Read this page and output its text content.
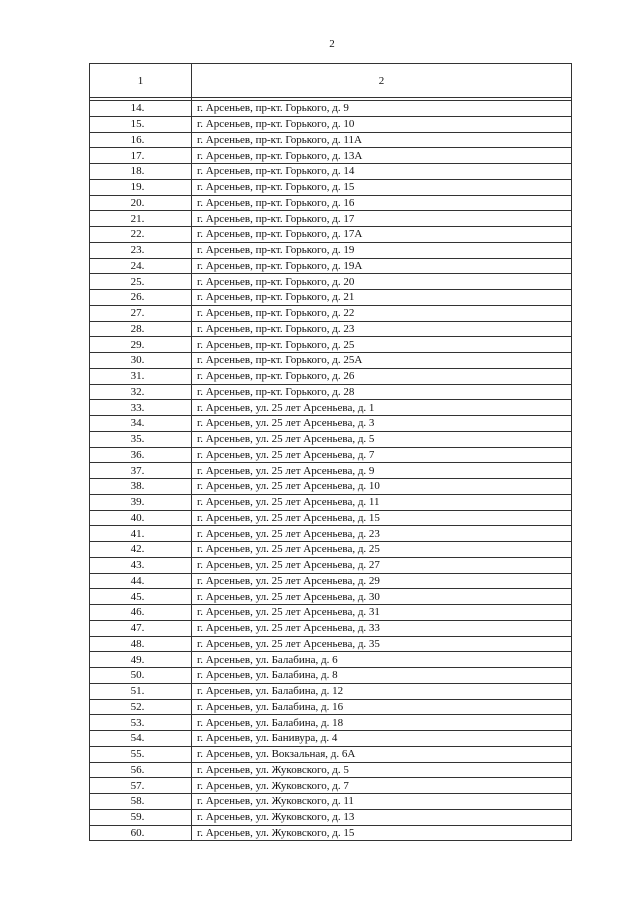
2
1	2

14.	г. Арсеньев, пр-кт. Горького, д. 9
15.	г. Арсеньев, пр-кт. Горького, д. 10
16.	г. Арсеньев, пр-кт. Горького, д. 11А
17.	г. Арсеньев, пр-кт. Горького, д. 13А
18.	г. Арсеньев, пр-кт. Горького, д. 14
19.	г. Арсеньев, пр-кт. Горького, д. 15
20.	г. Арсеньев, пр-кт. Горького, д. 16
21.	г. Арсеньев, пр-кт. Горького, д. 17
22.	г. Арсеньев, пр-кт. Горького, д. 17А
23.	г. Арсеньев, пр-кт. Горького, д. 19
24.	г. Арсеньев, пр-кт. Горького, д. 19А
25.	г. Арсеньев, пр-кт. Горького, д. 20
26.	г. Арсеньев, пр-кт. Горького, д. 21
27.	г. Арсеньев, пр-кт. Горького, д. 22
28.	г. Арсеньев, пр-кт. Горького, д. 23
29.	г. Арсеньев, пр-кт. Горького, д. 25
30.	г. Арсеньев, пр-кт. Горького, д. 25А
31.	г. Арсеньев, пр-кт. Горького, д. 26
32.	г. Арсеньев, пр-кт. Горького, д. 28
33.	г. Арсеньев, ул. 25 лет Арсеньева, д. 1
34.	г. Арсеньев, ул. 25 лет Арсеньева, д. 3
35.	г. Арсеньев, ул. 25 лет Арсеньева, д. 5
36.	г. Арсеньев, ул. 25 лет Арсеньева, д. 7
37.	г. Арсеньев, ул. 25 лет Арсеньева, д. 9
38.	г. Арсеньев, ул. 25 лет Арсеньева, д. 10
39.	г. Арсеньев, ул. 25 лет Арсеньева, д. 11
40.	г. Арсеньев, ул. 25 лет Арсеньева, д. 15
41.	г. Арсеньев, ул. 25 лет Арсеньева, д. 23
42.	г. Арсеньев, ул. 25 лет Арсеньева, д. 25
43.	г. Арсеньев, ул. 25 лет Арсеньева, д. 27
44.	г. Арсеньев, ул. 25 лет Арсеньева, д. 29
45.	г. Арсеньев, ул. 25 лет Арсеньева, д. 30
46.	г. Арсеньев, ул. 25 лет Арсеньева, д. 31
47.	г. Арсеньев, ул. 25 лет Арсеньева, д. 33
48.	г. Арсеньев, ул. 25 лет Арсеньева, д. 35
49.	г. Арсеньев, ул. Балабина, д. 6
50.	г. Арсеньев, ул. Балабина, д. 8
51.	г. Арсеньев, ул. Балабина, д. 12
52.	г. Арсеньев, ул. Балабина, д. 16
53.	г. Арсеньев, ул. Балабина, д. 18
54.	г. Арсеньев, ул. Банивура, д. 4
55.	г. Арсеньев, ул. Вокзальная, д. 6А
56.	г. Арсеньев, ул. Жуковского, д. 5
57.	г. Арсеньев, ул. Жуковского, д. 7
58.	г. Арсеньев, ул. Жуковского, д. 11
59.	г. Арсеньев, ул. Жуковского, д. 13
60.	г. Арсеньев, ул. Жуковского, д. 15
